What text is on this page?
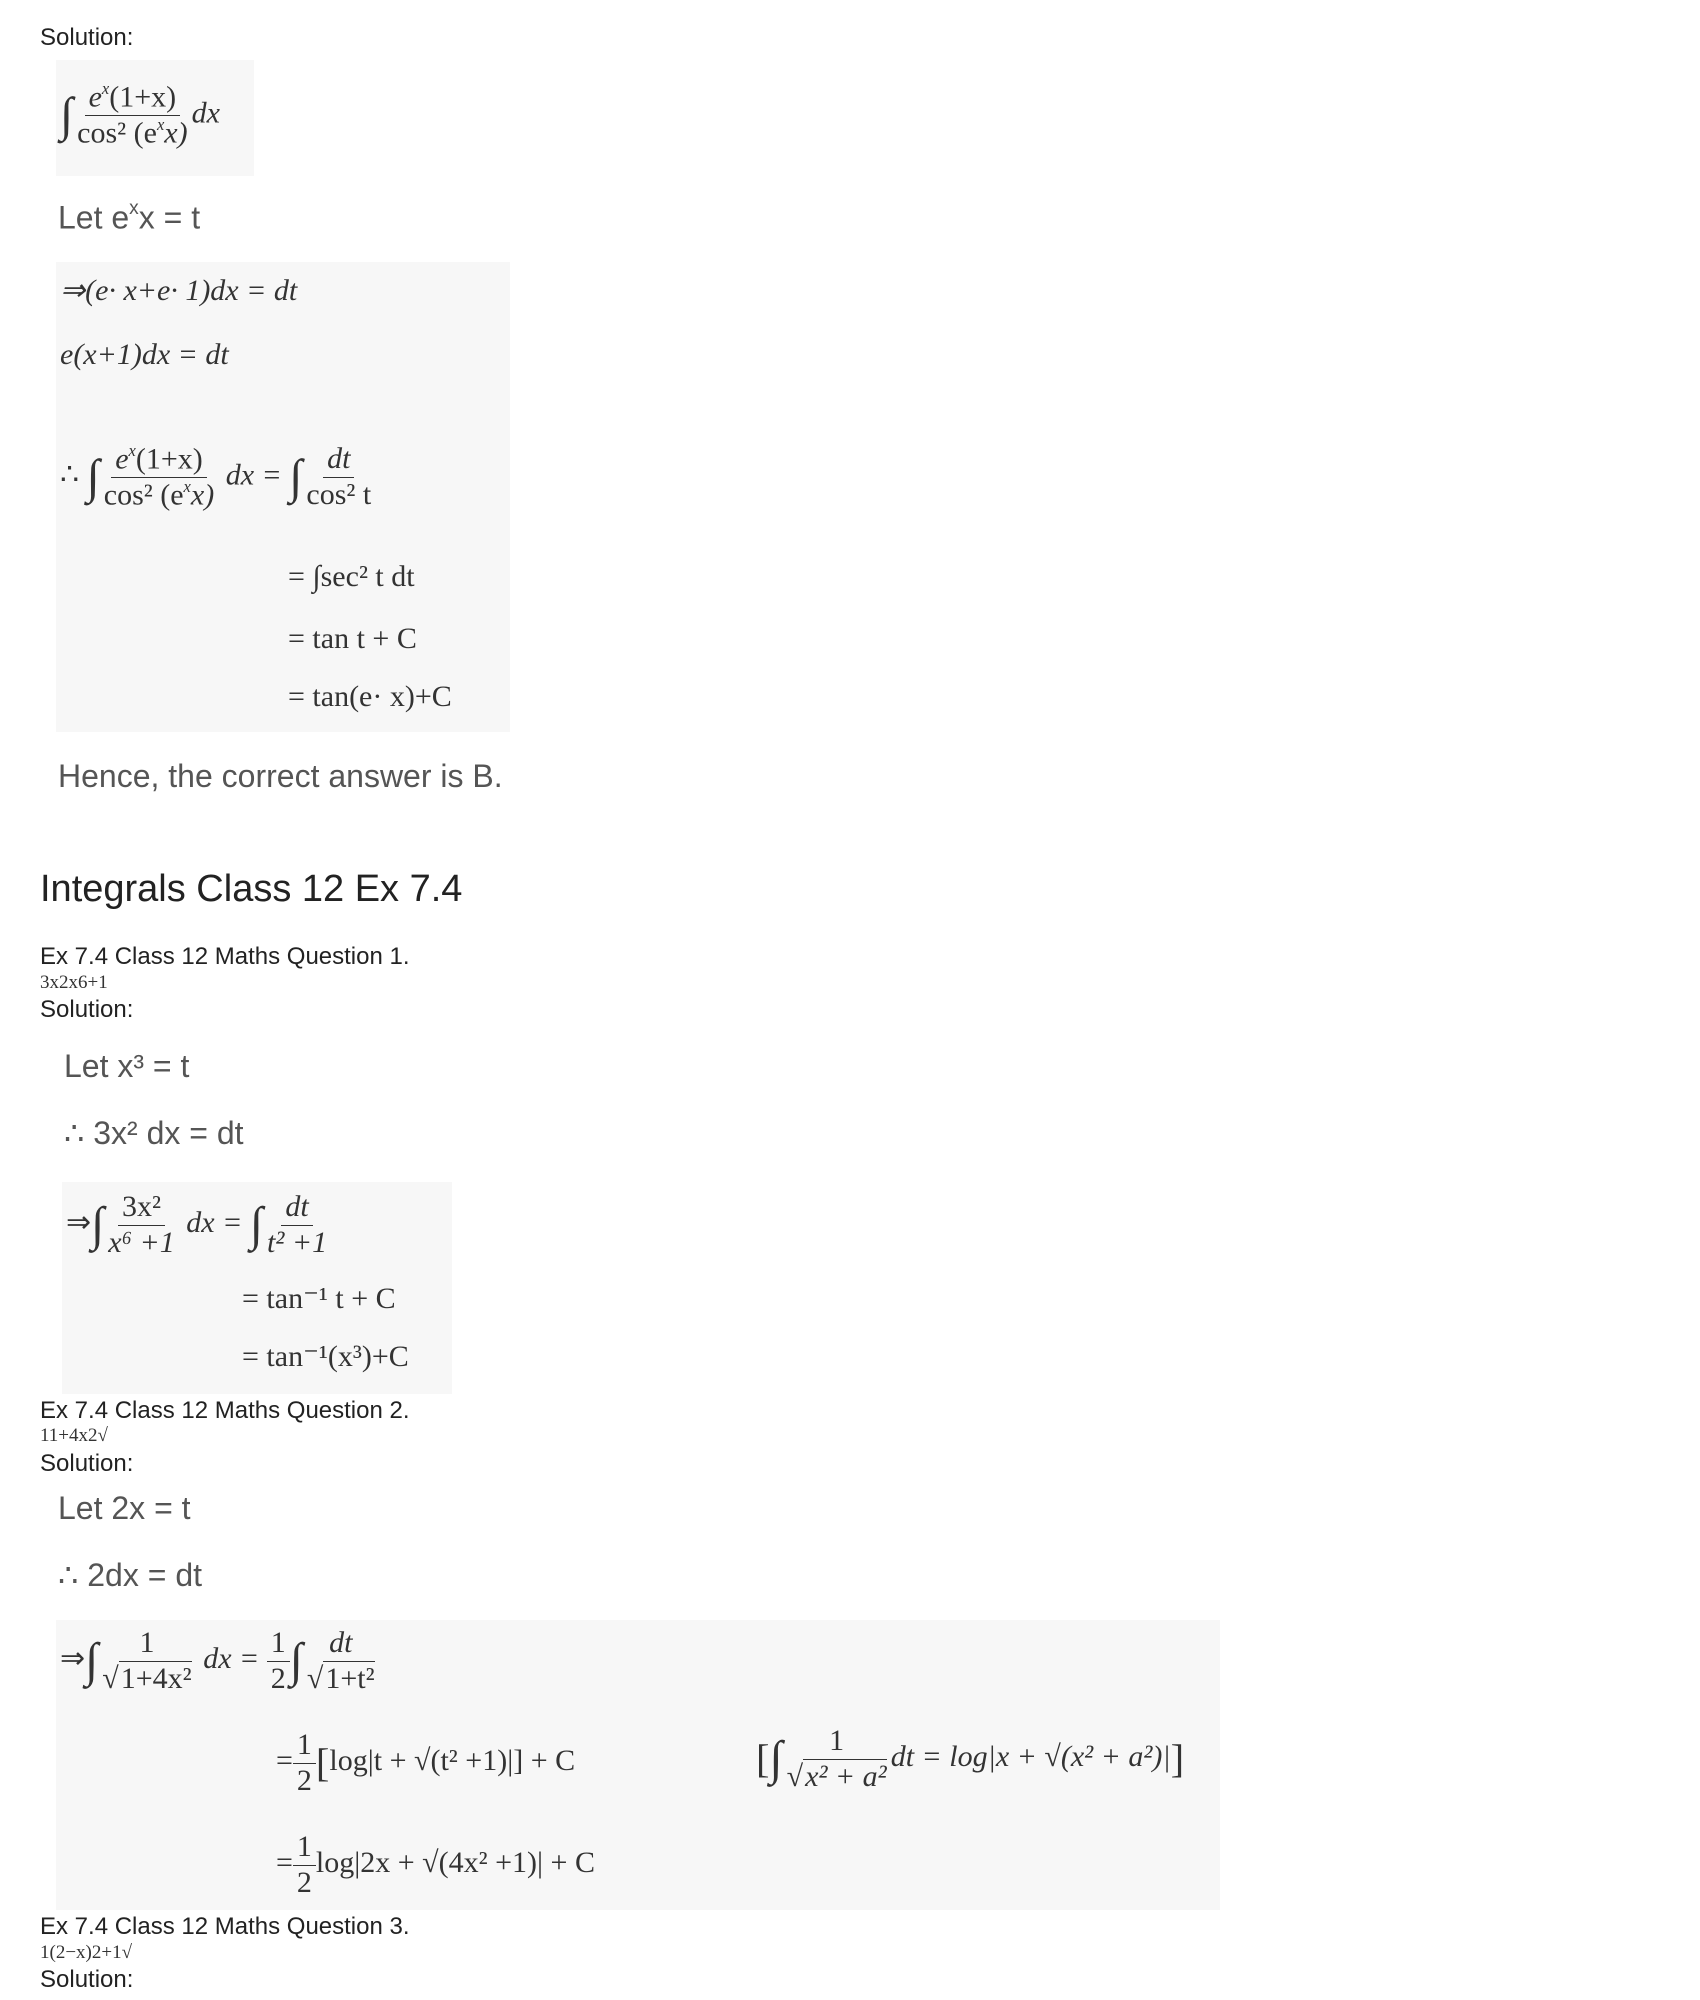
Solution:
∫ $\frac{e^x(1+x)}{\cos^2 (e^xx)}$ dx
Let $e^xx = t$
⇒(e· x+e· 1)dx = dt
e(x+1)dx = dt
∴ ∫ $\frac{e^x(1+x)}{\cos^2 (e^xx)}$ dx = ∫ $\frac{dt}{\text{cos² t}}$
= ∫sec² t dt
= tan t + C
= tan(e· x)+C
Hence, the correct answer is B.
Integrals Class 12 Ex 7.4
Ex 7.4 Class 12 Maths Question 1.
3x2x6+1
Solution:
Let x³ = t
∴ 3x² dx = dt
⇒∫ $\frac{\text{3x²}}{\text{x⁶ +1}}$ dx = ∫ $\frac{dt}{\text{t² +1}}$
= tan⁻¹ t + C
= tan⁻¹(x³)+C
Ex 7.4 Class 12 Maths Question 2.
11+4x2√
Solution:
Let 2x = t
∴ 2dx = dt
⇒∫ $\frac{1}{\text{√1+4x²}}$ dx = $\frac{1}{2}$ ∫ $\frac{dt}{\text{√1+t²}}$
= $\frac{1}{2} [\log|t + √(t^2 +1)|] + C$	[∫ $\frac{1}{\text{√x² + a²}}$ dt = log|x + √(x² + a²)|]
= $\frac{1}{2} \log|2x + √(4x^2 +1)| + C$
Ex 7.4 Class 12 Maths Question 3.
1(2−x)2+1√
Solution:
